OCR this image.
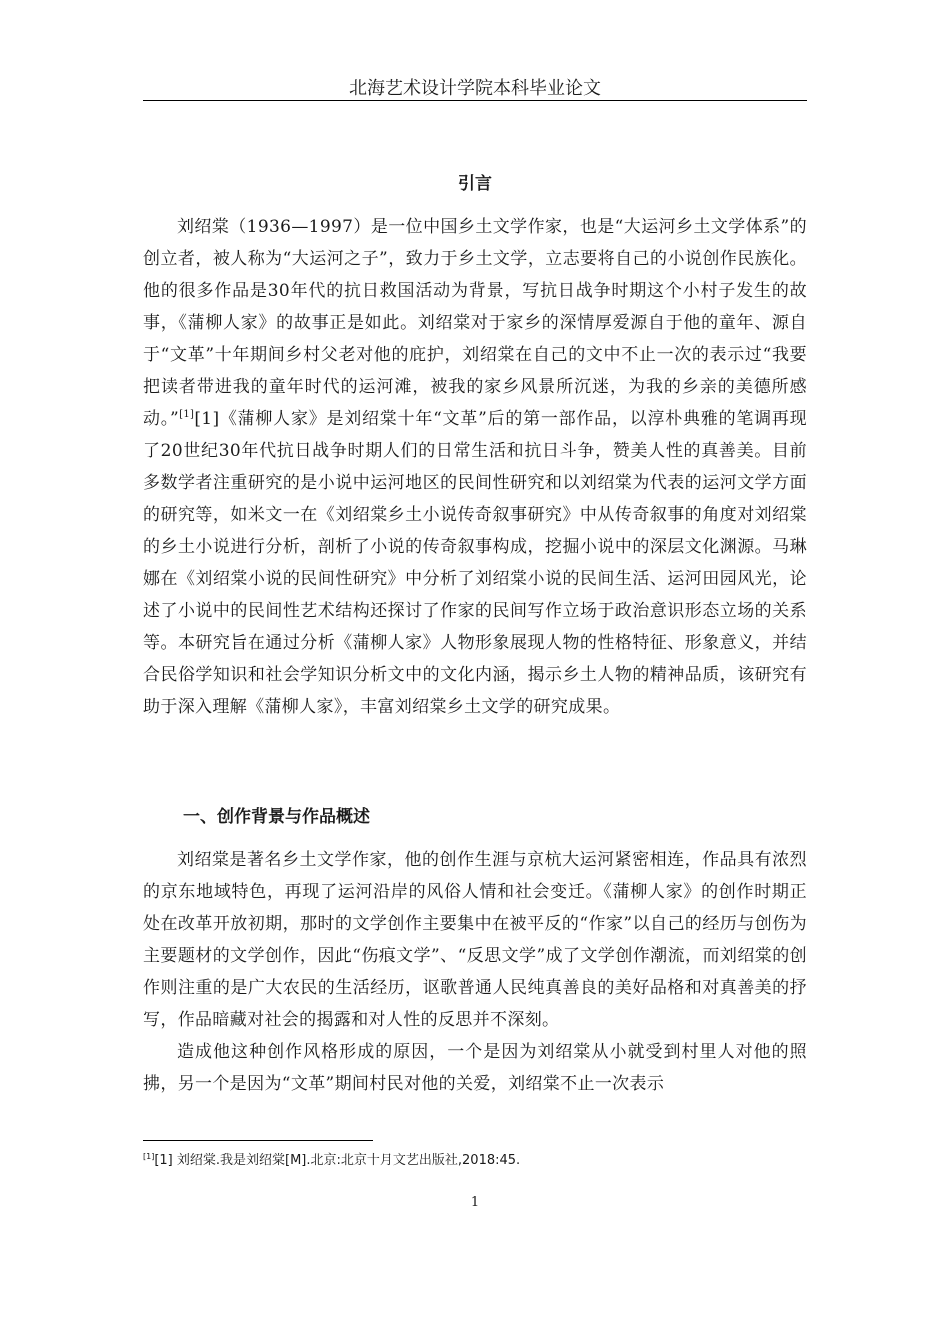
北海艺术设计学院本科毕业论文
引言

刘绍棠（1936—1997）是一位中国乡土文学作家，也是“大运河乡土文学体系”的创立者，被人称为“大运河之子”，致力于乡土文学，立志要将自己的小说创作民族化。他的很多作品是30年代的抗日救国活动为背景，写抗日战争时期这个小村子发生的故事，《蒲柳人家》的故事正是如此。刘绍棠对于家乡的深情厚爱源自于他的童年、源自于“文革”十年期间乡村父老对他的庇护，刘绍棠在自己的文中不止一次的表示过“我要把读者带进我的童年时代的运河滩，被我的家乡风景所沉迷，为我的乡亲的美德所感动。”[1][1]《蒲柳人家》是刘绍棠十年“文革”后的第一部作品，以淳朴典雅的笔调再现了20世纪30年代抗日战争时期人们的日常生活和抗日斗争，赞美人性的真善美。目前多数学者注重研究的是小说中运河地区的民间性研究和以刘绍棠为代表的运河文学方面的研究等，如米文一在《刘绍棠乡土小说传奇叙事研究》中从传奇叙事的角度对刘绍棠的乡土小说进行分析，剖析了小说的传奇叙事构成，挖掘小说中的深层文化渊源。马琳娜在《刘绍棠小说的民间性研究》中分析了刘绍棠小说的民间生活、运河田园风光，论述了小说中的民间性艺术结构还探讨了作家的民间写作立场于政治意识形态立场的关系等。本研究旨在通过分析《蒲柳人家》人物形象展现人物的性格特征、形象意义，并结合民俗学知识和社会学知识分析文中的文化内涵，揭示乡土人物的精神品质，该研究有助于深入理解《蒲柳人家》，丰富刘绍棠乡土文学的研究成果。

一、创作背景与作品概述

刘绍棠是著名乡土文学作家，他的创作生涯与京杭大运河紧密相连，作品具有浓烈的京东地域特色，再现了运河沿岸的风俗人情和社会变迁。《蒲柳人家》的创作时期正处在改革开放初期，那时的文学创作主要集中在被平反的“作家”以自己的经历与创伤为主要题材的文学创作，因此“伤痕文学”、“反思文学”成了文学创作潮流，而刘绍棠的创作则注重的是广大农民的生活经历，讴歌普通人民纯真善良的美好品格和对真善美的抒写，作品暗藏对社会的揭露和对人性的反思并不深刻。

造成他这种创作风格形成的原因，一个是因为刘绍棠从小就受到村里人对他的照拂，另一个是因为“文革”期间村民对他的关爱，刘绍棠不止一次表示

[1][1] 刘绍棠.我是刘绍棠[M].北京:北京十月文艺出版社,2018:45.
1
